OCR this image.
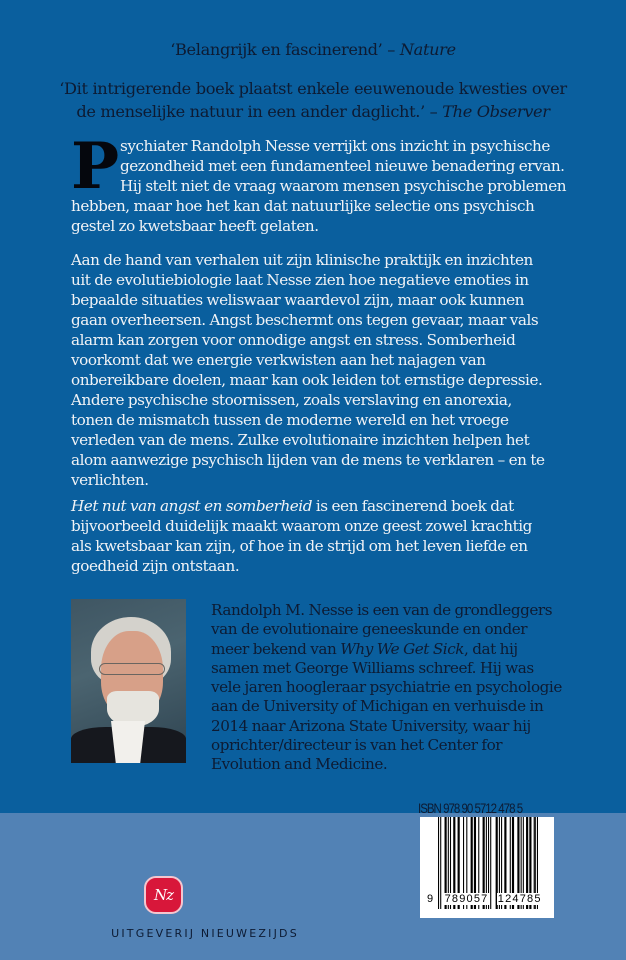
‘Belangrijk en fascinerend’ – Nature
‘Dit intrigerende boek plaatst enkele eeuwenoude kwesties over
de menselijke natuur in een ander daglicht.’ – The Observer
P sychiater Randolph Nesse verrijkt ons inzicht in psychische
gezondheid met een fundamenteel nieuwe benadering ervan.
Hij stelt niet de vraag waarom mensen psychische problemen
hebben, maar hoe het kan dat natuurlijke selectie ons psychisch
gestel zo kwetsbaar heeft gelaten.
Aan de hand van verhalen uit zijn klinische praktijk en inzichten
uit de evolutiebiologie laat Nesse zien hoe negatieve emoties in
bepaalde situaties weliswaar waardevol zijn, maar ook kunnen
gaan overheersen. Angst beschermt ons tegen gevaar, maar vals
alarm kan zorgen voor onnodige angst en stress. Somberheid
voorkomt dat we energie verkwisten aan het najagen van
onbereikbare doelen, maar kan ook leiden tot ernstige depressie.
Andere psychische stoornissen, zoals verslaving en anorexia,
tonen de mismatch tussen de moderne wereld en het vroege
verleden van de mens. Zulke evolutionaire inzichten helpen het
alom aanwezige psychisch lijden van de mens te verklaren – en te
verlichten.
Het nut van angst en somberheid is een fascinerend boek dat
bijvoorbeeld duidelijk maakt waarom onze geest zowel krachtig
als kwetsbaar kan zijn, of hoe in de strijd om het leven liefde en
goedheid zijn ontstaan.
Randolph M. Nesse is een van de grondleggers
van de evolutionaire geneeskunde en onder
meer bekend van Why We Get Sick, dat hij
samen met George Williams schreef. Hij was
vele jaren hoogleraar psychiatrie en psychologie
aan de University of Michigan en verhuisde in
2014 naar Arizona State University, waar hij
oprichter/directeur is van het Center for
Evolution and Medicine.
Nz
UITGEVERIJ NIEUWEZIJDS
ISBN 978 90 5712 478 5
9 789057 124785
